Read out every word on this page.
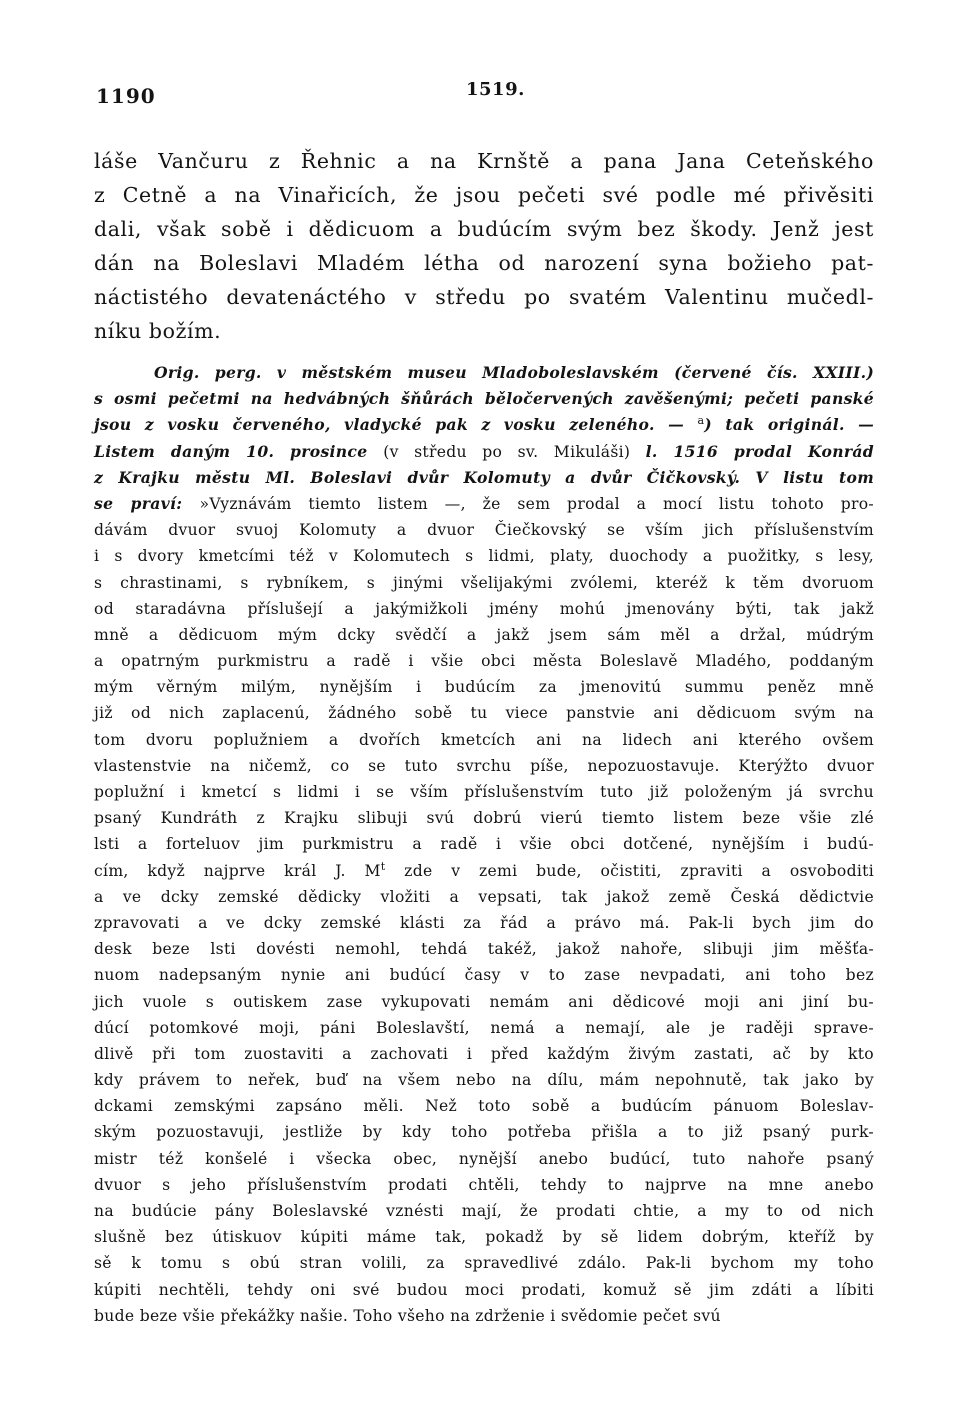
1190	1519.
láše Vančuru z Řehnic a na Krnště a pana Jana Ceteňského
z Cetně a na Vinařicích, že jsou pečeti své podle mé přivěsiti
dali, však sobě i dědicuom a budúcím svým bez škody. Jenž jest
dán na Boleslavi Mladém létha od narození syna božieho pat-
náctistého devatenáctého v středu po svatém Valentinu mučedl-
níku božím.
Orig. perg. v městském museu Mladoboleslavském (červené čís. XXIII.)
s osmi pečetmi na hedvábných šňůrách běločervených zavěšenými; pečeti panské
jsou z vosku červeného, vladycké pak z vosku zeleného. — $^a$) tak originál. —
Listem daným 10. prosince (v středu po sv. Mikuláši) l. 1516 prodal Konrád
z Krajku městu Ml. Boleslavi dvůr Kolomuty a dvůr Čičkovský. V listu tom
se praví: »Vyznávám tiemto listem —, že sem prodal a mocí listu tohoto pro-
dávám dvuor svuoj Kolomuty a dvuor Čiečkovský se vším jich příslušenstvím
i s dvory kmetcími též v Kolomutech s lidmi, platy, duochody a puožitky, s lesy,
s chrastinami, s rybníkem, s jinými všelijakými zvólemi, kteréž k těm dvoruom
od staradávna příslušejí a jakýmižkoli jmény mohú jmenovány býti, tak jakž
mně a dědicuom mým dcky svědčí a jakž jsem sám měl a držal, múdrým
a opatrným purkmistru a radě i všie obci města Boleslavě Mladého, poddaným
mým věrným milým, nynějším i budúcím za jmenovitú summu peněz mně
již od nich zaplacenú, žádného sobě tu viece panstvie ani dědicuom svým na
tom dvoru poplužniem a dvořích kmetcích ani na lidech ani kterého ovšem
vlastenstvie na ničemž, co se tuto svrchu píše, nepozuostavuje. Kterýžto dvuor
poplužní i kmetcí s lidmi i se vším příslušenstvím tuto již položeným já svrchu
psaný Kundráth z Krajku slibuji svú dobrú vierú tiemto listem beze všie zlé
lsti a forteluov jim purkmistru a radě i všie obci dotčené, nynějším i budú-
cím, když najprve král J. $M^t$ zde v zemi bude, očistiti, zpraviti a osvoboditi
a ve dcky zemské dědicky vložiti a vepsati, tak jakož země Česká dědictvie
zpravovati a ve dcky zemské klásti za řád a právo má. Pak-li bych jim do
desk beze lsti dovésti nemohl, tehdá takéž, jakož nahoře, slibuji jim měšťa-
nuom nadepsaným nynie ani budúcí časy v to zase nevpadati, ani toho bez
jich vuole s outiskem zase vykupovati nemám ani dědicové moji ani jiní bu-
dúcí potomkové moji, páni Boleslavští, nemá a nemají, ale je raději sprave-
dlivě při tom zuostaviti a zachovati i před každým živým zastati, ač by kto
kdy právem to neřek, buď na všem nebo na dílu, mám nepohnutě, tak jako by
dckami zemskými zapsáno měli. Než toto sobě a budúcím pánuom Boleslav-
ským pozuostavuji, jestliže by kdy toho potřeba přišla a to již psaný purk-
mistr též konšelé i všecka obec, nynější anebo budúcí, tuto nahoře psaný
dvuor s jeho příslušenstvím prodati chtěli, tehdy to najprve na mne anebo
na budúcie pány Boleslavské vznésti mají, že prodati chtie, a my to od nich
slušně bez útiskuov kúpiti máme tak, pokadž by sě lidem dobrým, kteříž by
sě k tomu s obú stran volili, za spravedlivé zdálo. Pak-li bychom my toho
kúpiti nechtěli, tehdy oni své budou moci prodati, komuž sě jim zdáti a líbiti
bude beze všie překážky našie. Toho všeho na zdrženie i svědomie pečet svú
